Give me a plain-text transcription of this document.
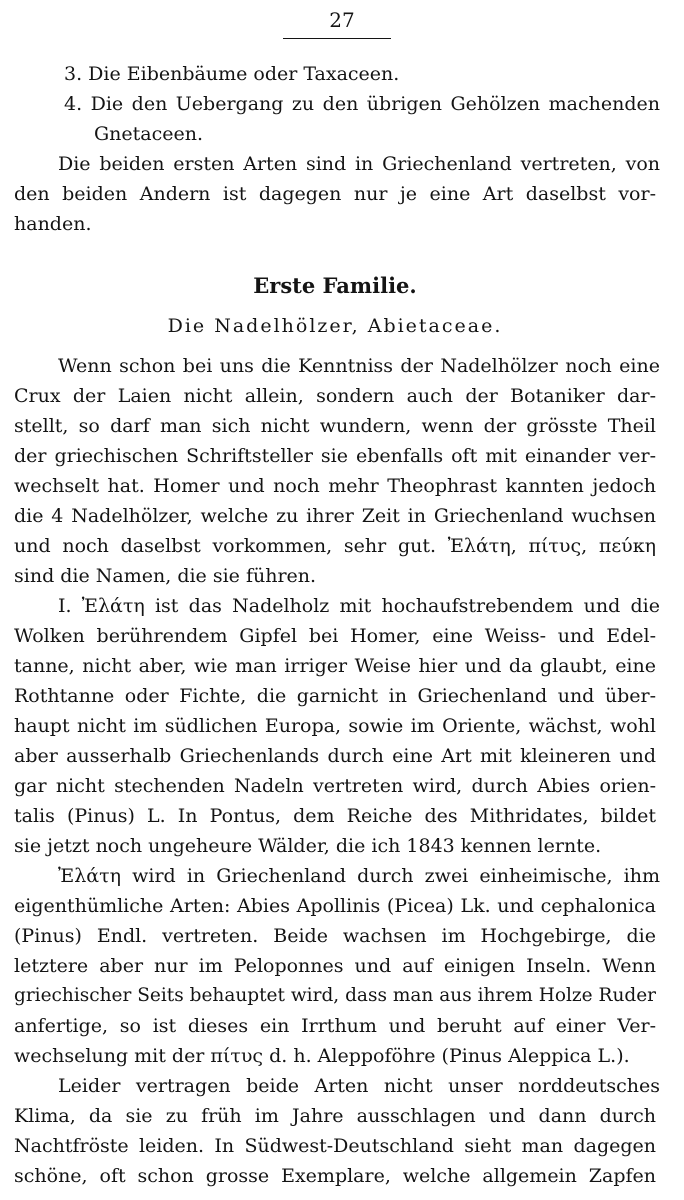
27
3. Die Eibenbäume oder Taxaceen.
4. Die den Uebergang zu den übrigen Gehölzen machenden
Gnetaceen.
Die beiden ersten Arten sind in Griechenland vertreten, von
den beiden Andern ist dagegen nur je eine Art daselbst vor-
handen.
Erste Familie.
Die Nadelhölzer, Abietaceae.
Wenn schon bei uns die Kenntniss der Nadelhölzer noch eine
Crux der Laien nicht allein, sondern auch der Botaniker dar-
stellt, so darf man sich nicht wundern, wenn der grösste Theil
der griechischen Schriftsteller sie ebenfalls oft mit einander ver-
wechselt hat. Homer und noch mehr Theophrast kannten jedoch
die 4 Nadelhölzer, welche zu ihrer Zeit in Griechenland wuchsen
und noch daselbst vorkommen, sehr gut. Ἐλάτη, πίτυς, πεύκη
sind die Namen, die sie führen.
I. Ἐλάτη ist das Nadelholz mit hochaufstrebendem und die
Wolken berührendem Gipfel bei Homer, eine Weiss- und Edel-
tanne, nicht aber, wie man irriger Weise hier und da glaubt, eine
Rothtanne oder Fichte, die garnicht in Griechenland und über-
haupt nicht im südlichen Europa, sowie im Oriente, wächst, wohl
aber ausserhalb Griechenlands durch eine Art mit kleineren und
gar nicht stechenden Nadeln vertreten wird, durch Abies orien-
talis (Pinus) L. In Pontus, dem Reiche des Mithridates, bildet
sie jetzt noch ungeheure Wälder, die ich 1843 kennen lernte.
Ἐλάτη wird in Griechenland durch zwei einheimische, ihm
eigenthümliche Arten: Abies Apollinis (Picea) Lk. und cephalonica
(Pinus) Endl. vertreten. Beide wachsen im Hochgebirge, die
letztere aber nur im Peloponnes und auf einigen Inseln. Wenn
griechischer Seits behauptet wird, dass man aus ihrem Holze Ruder
anfertige, so ist dieses ein Irrthum und beruht auf einer Ver-
wechselung mit der πίτυς d. h. Aleppoföhre (Pinus Aleppica L.).
Leider vertragen beide Arten nicht unser norddeutsches
Klima, da sie zu früh im Jahre ausschlagen und dann durch
Nachtfröste leiden. In Südwest-Deutschland sieht man dagegen
schöne, oft schon grosse Exemplare, welche allgemein Zapfen
